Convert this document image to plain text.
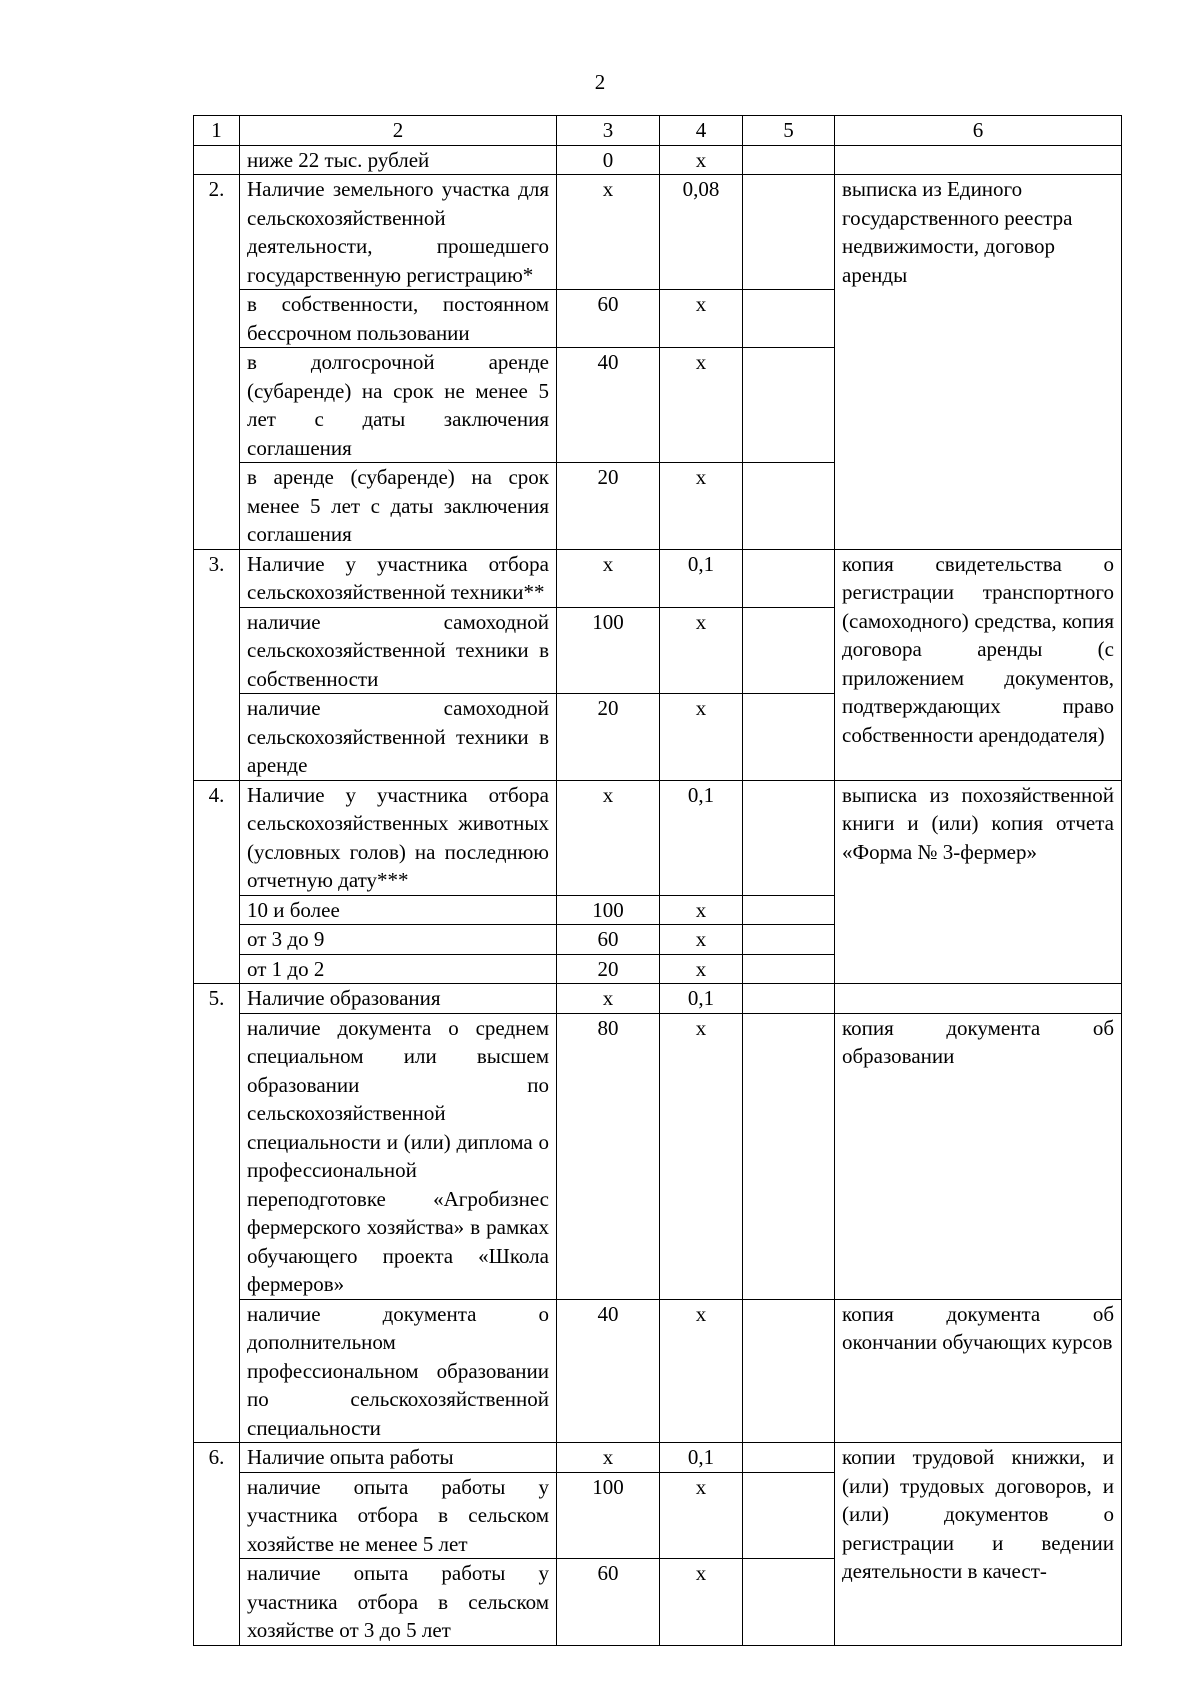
2
1	2	3	4	5	6
	ниже 22 тыс. рублей	0	х		
2.	Наличие земельного участка для сельскохозяйственной деятельности, прошедшего государственную регистрацию*	х	0,08		выписка из Единого государственного реестра недвижимости, договор аренды
	в собственности, постоянном бессрочном пользовании	60	х		
	в долгосрочной аренде (субаренде) на срок не менее 5 лет с даты заключения соглашения	40	х		
	в аренде (субаренде) на срок менее 5 лет с даты заключения соглашения	20	х		
3.	Наличие у участника отбора сельскохозяйственной техники**	х	0,1		копия свидетельства о регистрации транспортного (самоходного) средства, копия договора аренды (с приложением документов, подтверждающих право собственности арендодателя)
	наличие самоходной сельскохозяйственной техники в собственности	100	х		
	наличие самоходной сельскохозяйственной техники в аренде	20	х		
4.	Наличие у участника отбора сельскохозяйственных животных (условных голов) на последнюю отчетную дату***	х	0,1		выписка из похозяйственной книги и (или) копия отчета «Форма № 3-фермер»
	10 и более	100	х		
	от 3 до 9	60	х		
	от 1 до 2	20	х		
5.	Наличие образования	х	0,1		
	наличие документа о среднем специальном или высшем образовании по сельскохозяйственной специальности и (или) диплома о профессиональной переподготовке «Агробизнес фермерского хозяйства» в рамках обучающего проекта «Школа фермеров»	80	х		копия документа об образовании
	наличие документа о дополнительном профессиональном образовании по сельскохозяйственной специальности	40	х		копия документа об окончании обучающих курсов
6.	Наличие опыта работы	х	0,1		копии трудовой книжки, и (или) трудовых договоров, и (или) документов о регистрации и ведении деятельности в качест-
	наличие опыта работы у участника отбора в сельском хозяйстве не менее 5 лет	100	х		
	наличие опыта работы у участника отбора в сельском хозяйстве от 3 до 5 лет	60	х		
